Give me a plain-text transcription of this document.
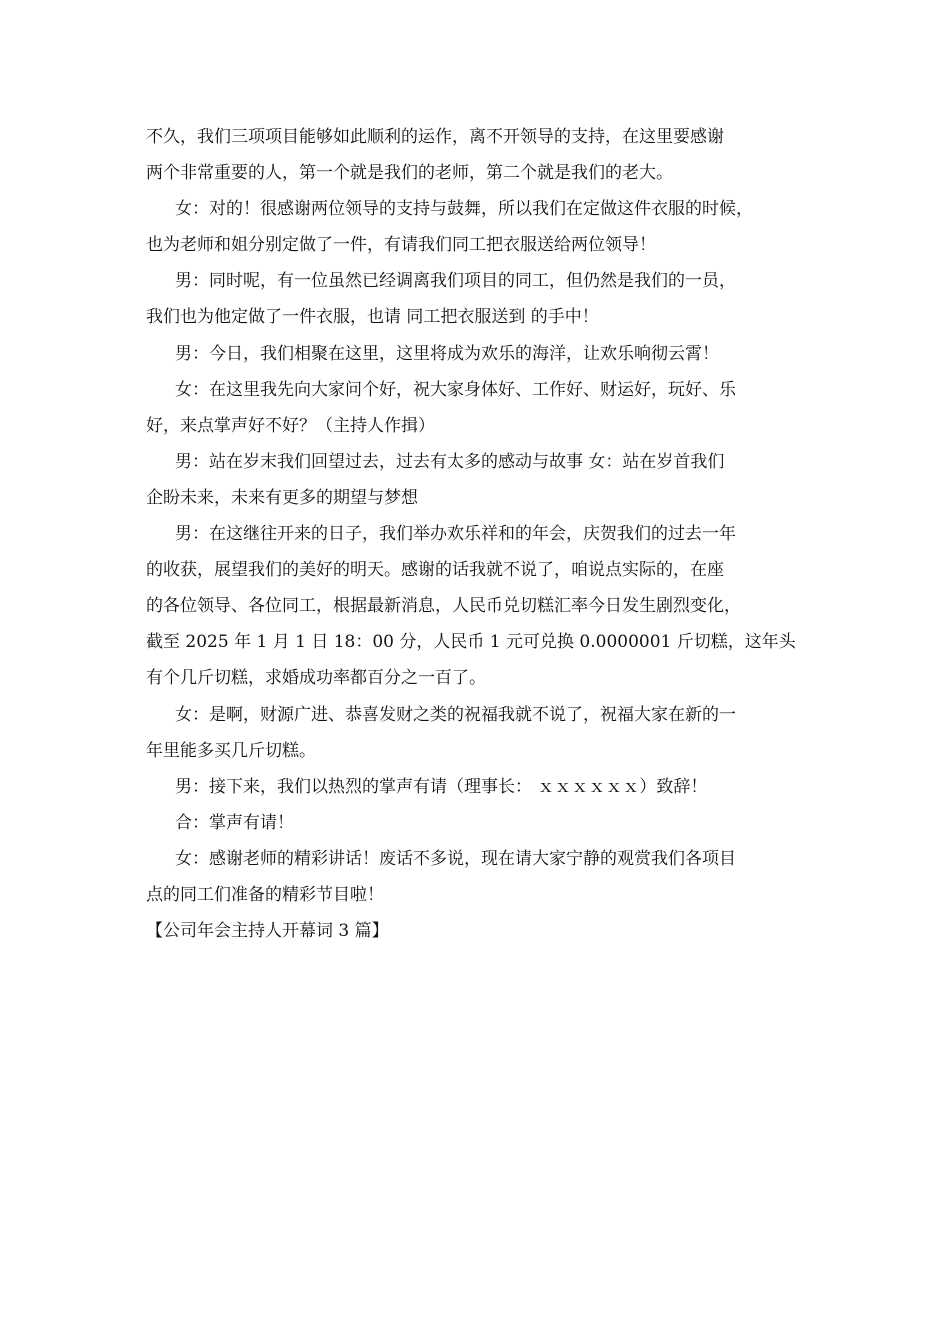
不久，我们三项项目能够如此顺利的运作，离不开领导的支持，在这里要感谢
两个非常重要的人，第一个就是我们的老师，第二个就是我们的老大。
女：对的！很感谢两位领导的支持与鼓舞，所以我们在定做这件衣服的时候，
也为老师和姐分别定做了一件，有请我们同工把衣服送给两位领导！
男：同时呢，有一位虽然已经调离我们项目的同工，但仍然是我们的一员，
我们也为他定做了一件衣服，也请 同工把衣服送到 的手中！
男：今日，我们相聚在这里，这里将成为欢乐的海洋，让欢乐响彻云霄！
女：在这里我先向大家问个好，祝大家身体好、工作好、财运好，玩好、乐
好，来点掌声好不好？（主持人作揖）
男：站在岁末我们回望过去，过去有太多的感动与故事 女：站在岁首我们
企盼未来，未来有更多的期望与梦想
男：在这继往开来的日子，我们举办欢乐祥和的年会，庆贺我们的过去一年
的收获，展望我们的美好的明天。感谢的话我就不说了，咱说点实际的，在座
的各位领导、各位同工，根据最新消息，人民币兑切糕汇率今日发生剧烈变化，
截至 2025 年 1 月 1 日 18：00 分，人民币 1 元可兑换 0.0000001 斤切糕，这年头
有个几斤切糕，求婚成功率都百分之一百了。
女：是啊，财源广进、恭喜发财之类的祝福我就不说了，祝福大家在新的一
年里能多买几斤切糕。
男：接下来，我们以热烈的掌声有请（理事长： ｘｘｘｘｘｘ）致辞！
合：掌声有请！
女：感谢老师的精彩讲话！废话不多说，现在请大家宁静的观赏我们各项目
点的同工们准备的精彩节目啦！
【公司年会主持人开幕词 3 篇】
